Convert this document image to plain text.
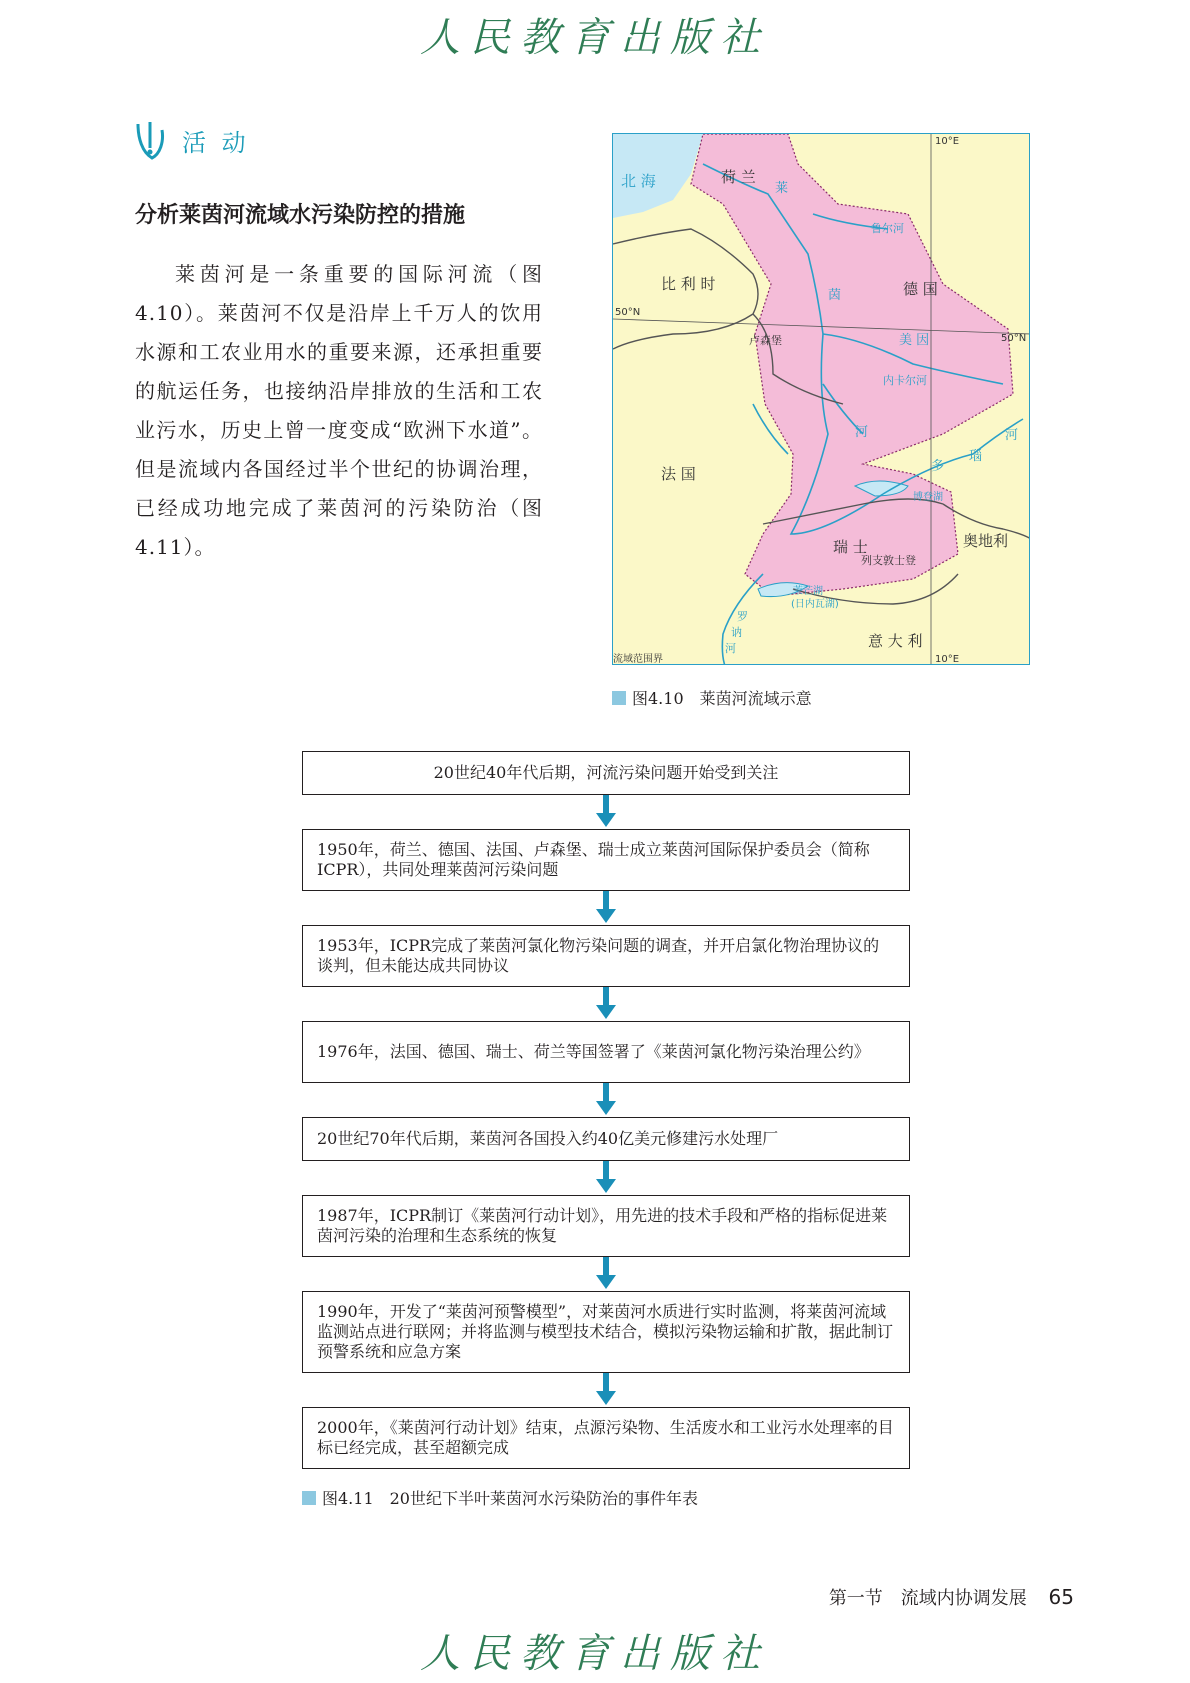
人民教育出版社
活 动
分析莱茵河流域水污染防控的措施

莱茵河是一条重要的国际河流（图4.10）。莱茵河不仅是沿岸上千万人的饮用水源和工农业用水的重要来源，还承担重要的航运任务，也接纳沿岸排放的生活和工农业污水，历史上曾一度变成“欧洲下水道”。但是流域内各国经过半个世纪的协调治理，已经成功地完成了莱茵河的污染防治（图4.11）。

北 海	荷 兰
比 利 时	德 国
法 国
瑞 士	奥地利
意 大 利
卢森堡
列支敦士登
流域范围界
莱
茵
河
鲁尔河
美 因
内卡尔河
多
瑙
河
博登湖
莱芒湖
(日内瓦湖)
罗
讷
河
50°N
50°N
10°E
10°E
图4.10　莱茵河流域示意
20世纪40年代后期，河流污染问题开始受到关注
1950年，荷兰、德国、法国、卢森堡、瑞士成立莱茵河国际保护委员会（简称ICPR），共同处理莱茵河污染问题
1953年，ICPR完成了莱茵河氯化物污染问题的调查，并开启氯化物治理协议的谈判，但未能达成共同协议
1976年，法国、德国、瑞士、荷兰等国签署了《莱茵河氯化物污染治理公约》
20世纪70年代后期，莱茵河各国投入约40亿美元修建污水处理厂
1987年，ICPR制订《莱茵河行动计划》，用先进的技术手段和严格的指标促进莱茵河污染的治理和生态系统的恢复
1990年，开发了“莱茵河预警模型”，对莱茵河水质进行实时监测，将莱茵河流域监测站点进行联网；并将监测与模型技术结合，模拟污染物运输和扩散，据此制订预警系统和应急方案
2000年，《莱茵河行动计划》结束，点源污染物、生活废水和工业污水处理率的目标已经完成，甚至超额完成
图4.11　20世纪下半叶莱茵河水污染防治的事件年表
第一节　流域内协调发展 65
人民教育出版社
